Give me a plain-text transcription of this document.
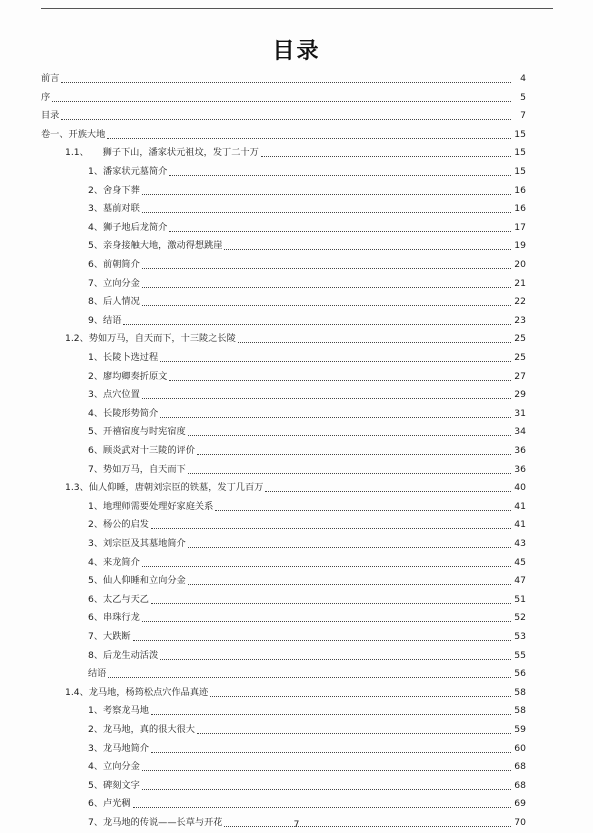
目录
前言	4
序	5
目录	7
卷一、开族大地	15
1.1、　　狮子下山，潘家状元祖坟，发丁二十万	15
1、潘家状元墓简介	15
2、舍身下葬	16
3、墓前对联	16
4、狮子地后龙简介	17
5、亲身接触大地，激动得想跳崖	19
6、前朝简介	20
7、立向分金	21
8、后人情况	22
9、结语	23
1.2、势如万马，自天而下，十三陵之长陵	25
1、长陵卜选过程	25
2、廖均卿奏折原文	27
3、点穴位置	29
4、长陵形势简介	31
5、开禧宿度与时宪宿度	34
6、顾炎武对十三陵的评价	36
7、势如万马，自天而下	36
1.3、仙人仰睡，唐朝刘宗臣的铁墓，发丁几百万	40
1、地理师需要处理好家庭关系	41
2、杨公的启发	41
3、刘宗臣及其墓地简介	43
4、来龙简介	45
5、仙人仰睡和立向分金	47
6、太乙与天乙	51
6、串珠行龙	52
7、大跌断	53
8、后龙生动活泼	55
结语	56
1.4、龙马地，杨筠松点穴作品真迹	58
1、考察龙马地	58
2、龙马地，真的很大很大	59
3、龙马地简介	60
4、立向分金	68
5、碑刻文字	68
6、卢光稠	69
7、龙马地的传说——长草与开花	70
7
